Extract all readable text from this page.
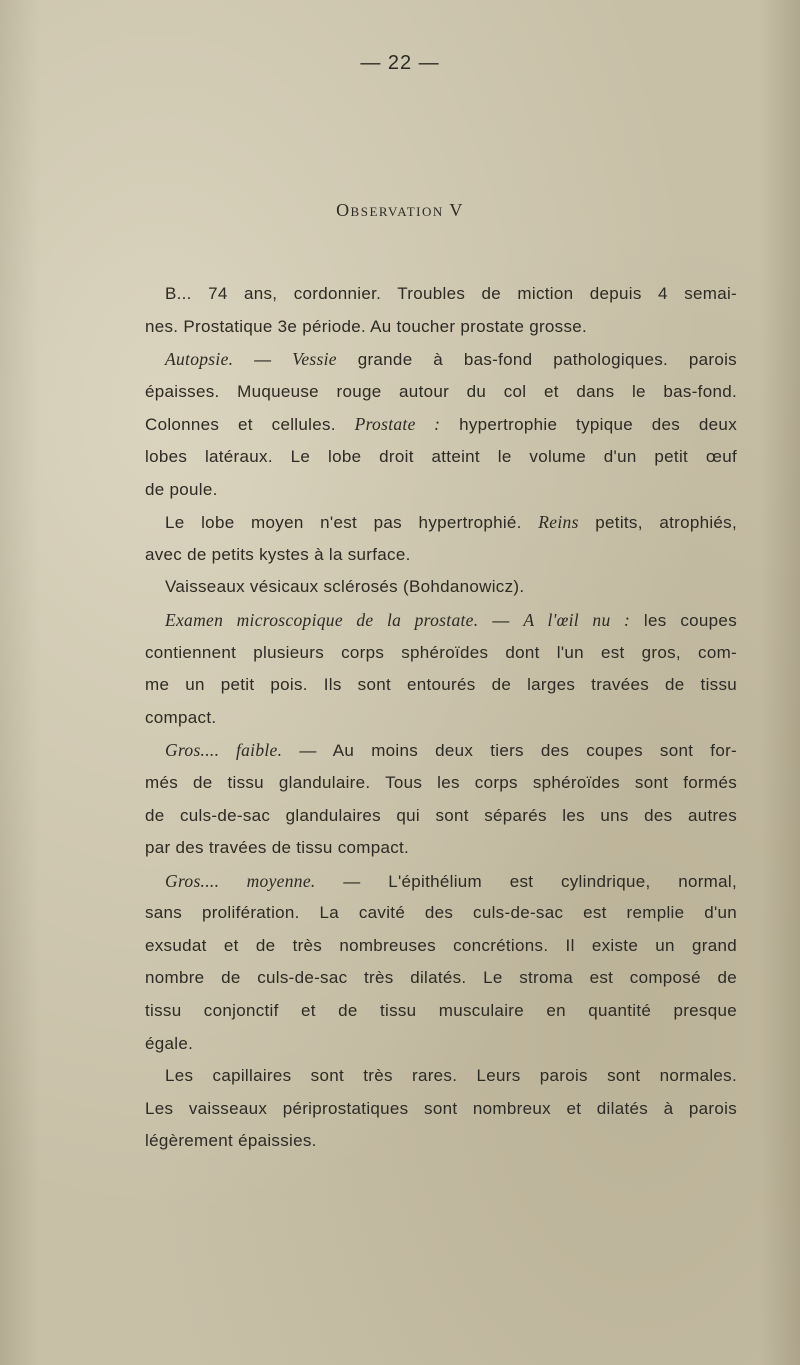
— 22 —
Observation V
B... 74 ans, cordonnier. Troubles de miction depuis 4 semai-
nes. Prostatique 3e période. Au toucher prostate grosse.
Autopsie. — Vessie grande à bas-fond pathologiques. parois
épaisses. Muqueuse rouge autour du col et dans le bas-fond.
Colonnes et cellules. Prostate : hypertrophie typique des deux
lobes latéraux. Le lobe droit atteint le volume d'un petit œuf
de poule.
Le lobe moyen n'est pas hypertrophié. Reins petits, atrophiés,
avec de petits kystes à la surface.
Vaisseaux vésicaux sclérosés (Bohdanowicz).
Examen microscopique de la prostate. — A l'œil nu : les coupes
contiennent plusieurs corps sphéroïdes dont l'un est gros, com-
me un petit pois. Ils sont entourés de larges travées de tissu
compact.
Gros.... faible. — Au moins deux tiers des coupes sont for-
més de tissu glandulaire. Tous les corps sphéroïdes sont formés
de culs-de-sac glandulaires qui sont séparés les uns des autres
par des travées de tissu compact.
Gros.... moyenne. — L'épithélium est cylindrique, normal,
sans prolifération. La cavité des culs-de-sac est remplie d'un
exsudat et de très nombreuses concrétions. Il existe un grand
nombre de culs-de-sac très dilatés. Le stroma est composé de
tissu conjonctif et de tissu musculaire en quantité presque
égale.
Les capillaires sont très rares. Leurs parois sont normales.
Les vaisseaux périprostatiques sont nombreux et dilatés à parois
légèrement épaissies.
